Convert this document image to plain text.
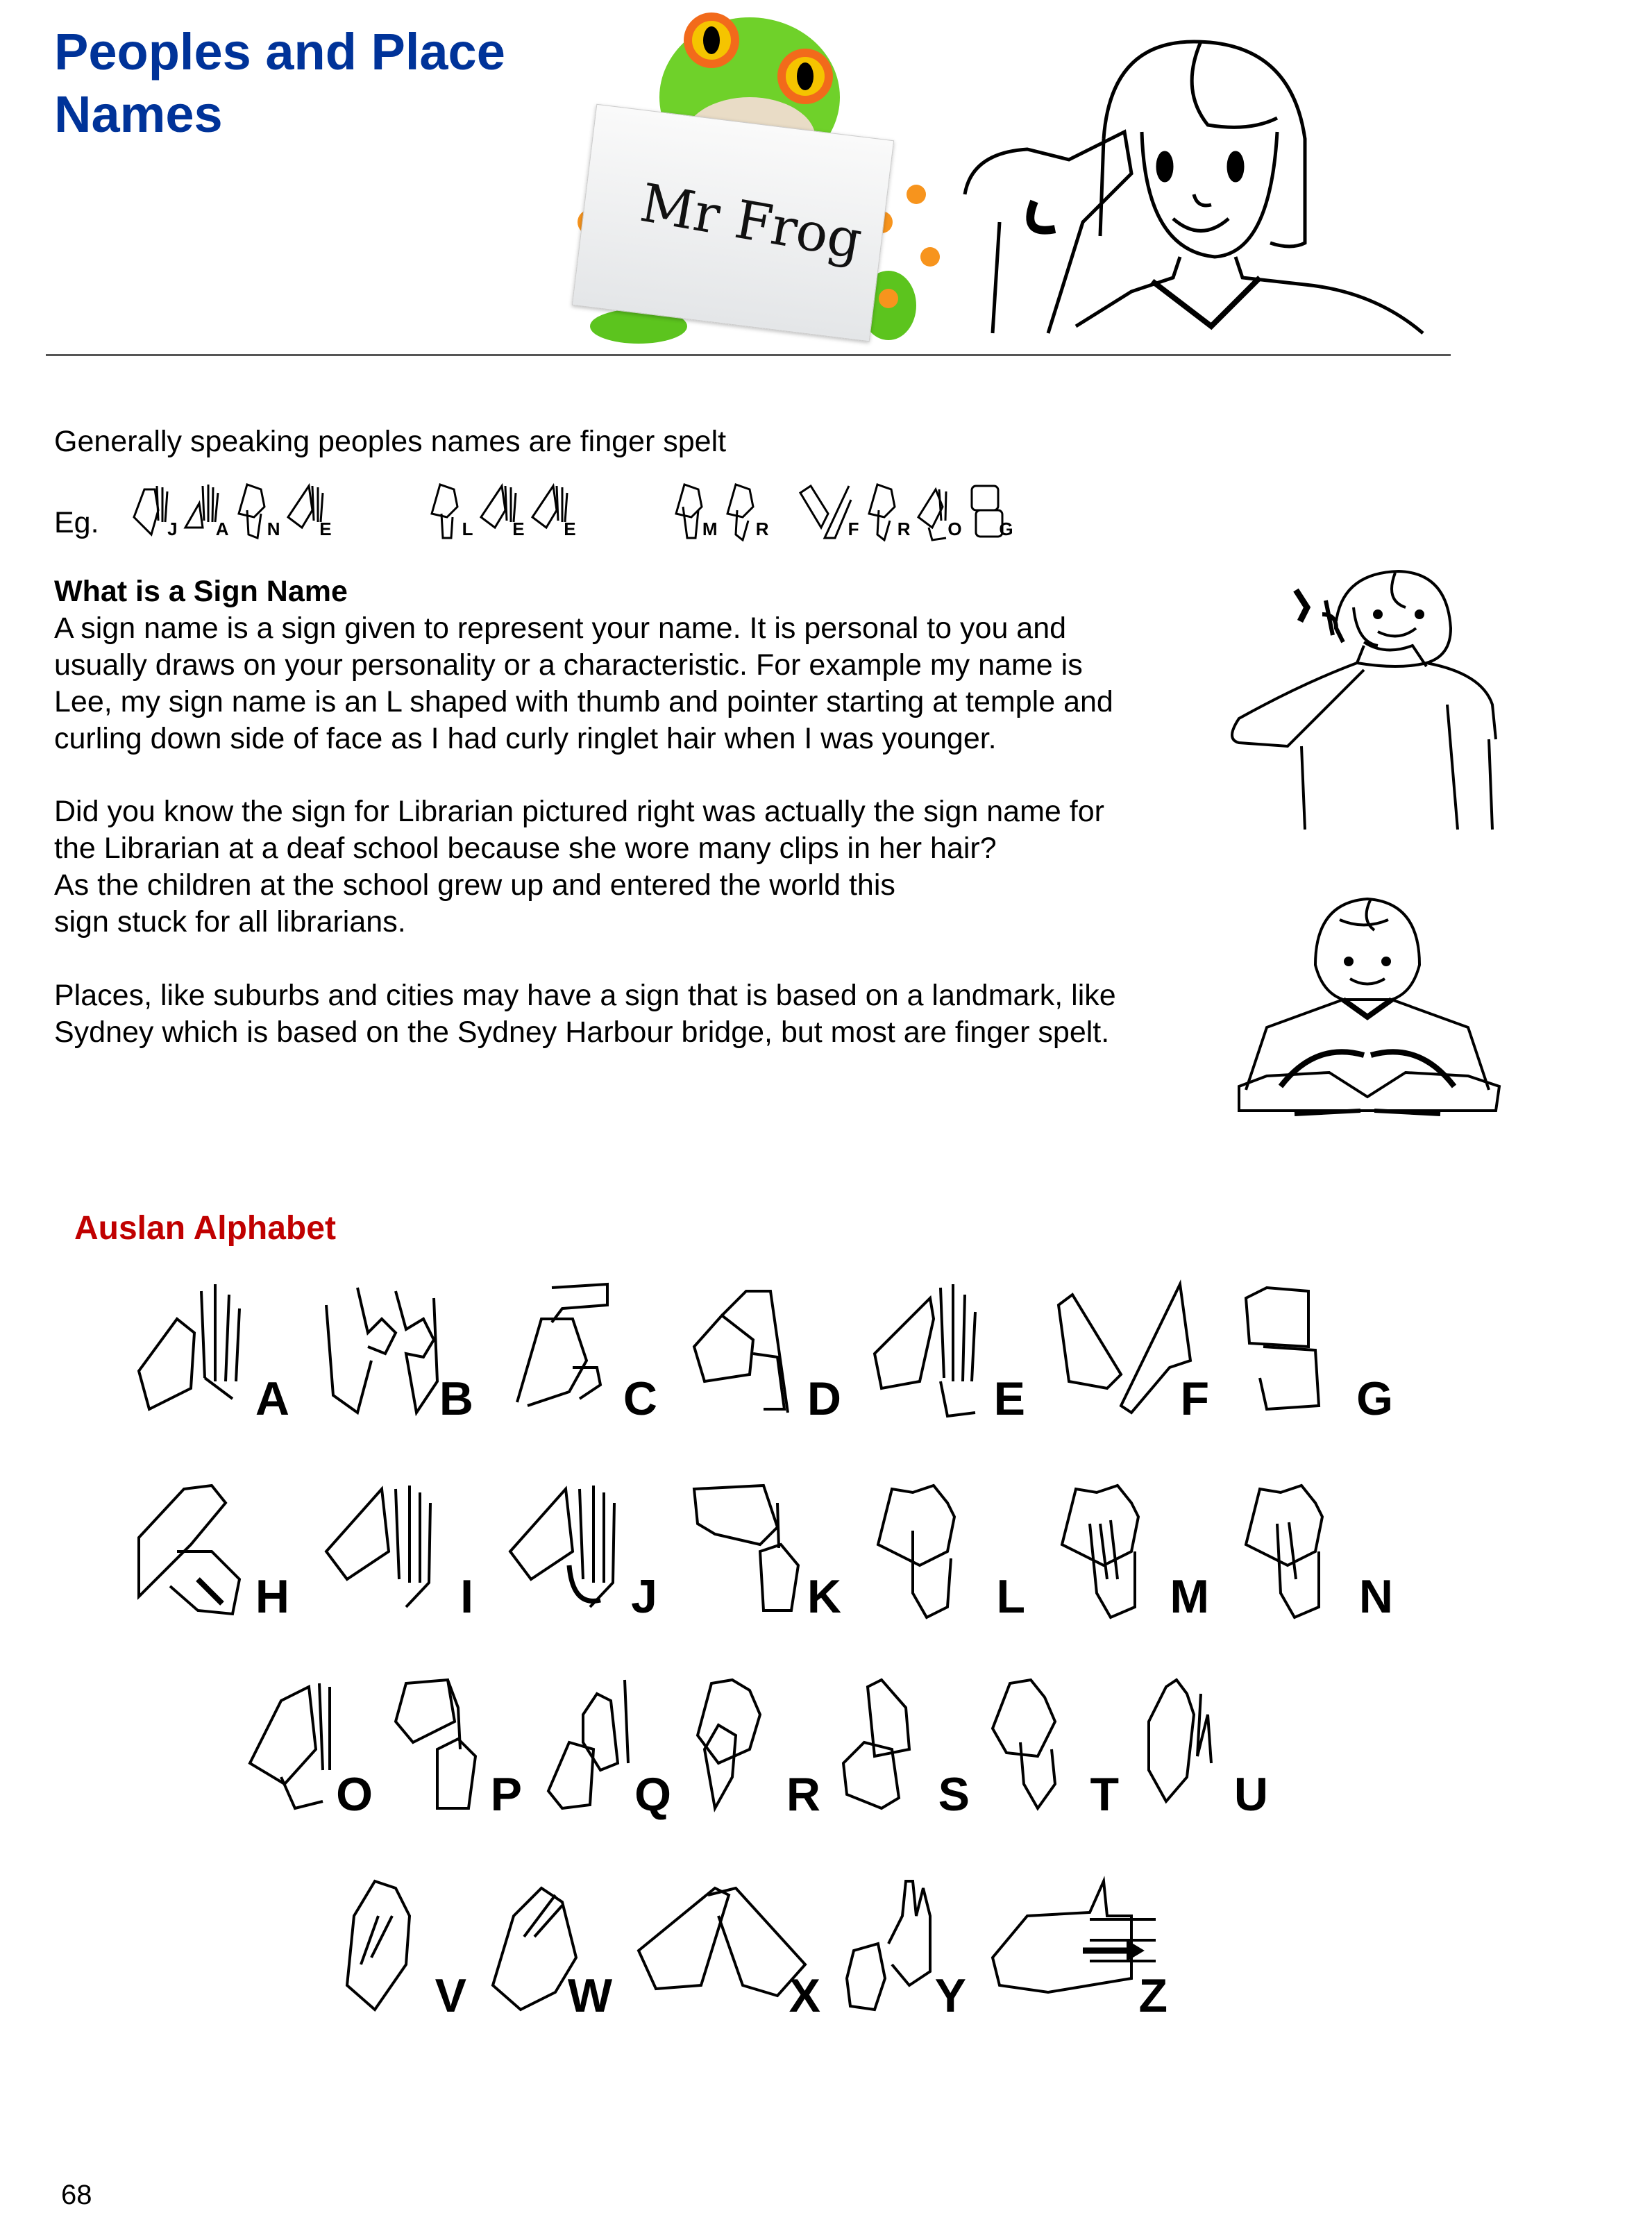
Peoples and Place
Names
Mr Frog
Generally speaking peoples names are finger spelt
Eg.	J A N E	L E E	M R	F R O G
What is a Sign Name
A sign name is a sign given to represent your name. It is personal to you and
usually draws on your personality or a characteristic. For example my name is
Lee, my sign name is an L shaped with thumb and pointer starting at temple and
curling down side of face as I had curly ringlet hair when I was younger.
Did you know the sign for Librarian pictured right was actually the sign name for
the Librarian at a deaf school because she wore many clips in her hair?
As the children at the school grew up and entered the world this
sign stuck for all librarians.
Places, like suburbs and cities may have a sign that is based on a landmark, like
Sydney which is based on the Sydney Harbour bridge, but most are finger spelt.
Auslan Alphabet
A	B	C	D	E	F	G
H	I	J	K	L	M	N
O P Q R S	T U
V W	X Y	Z
68
